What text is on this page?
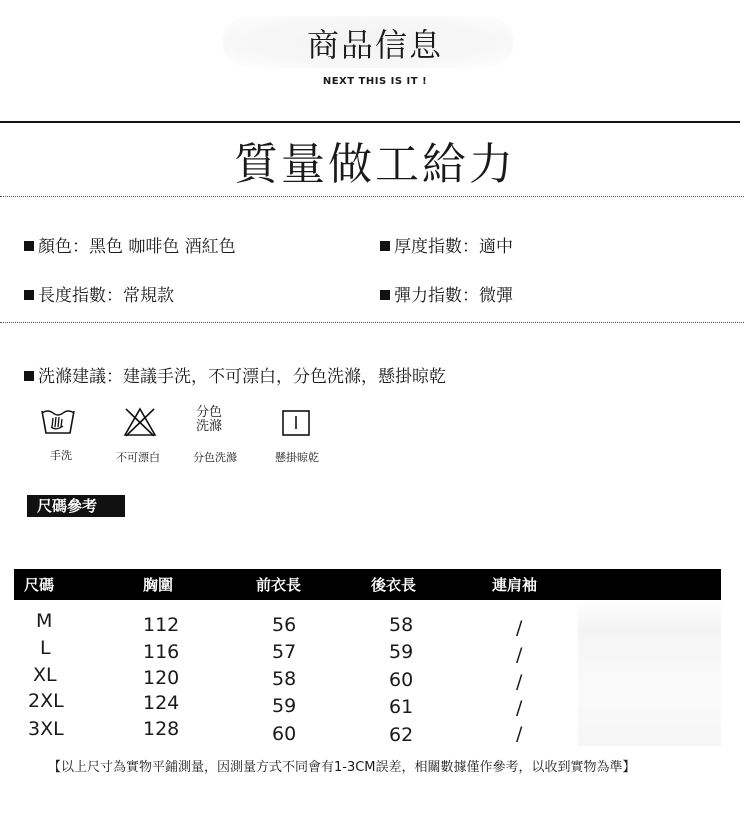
商品信息
NEXT THIS IS IT !
質量做工給力
顏色：黑色 咖啡色 酒紅色	厚度指數：適中
長度指數：常規款	彈力指數：微彈
洗滌建議：建議手洗，不可漂白，分色洗滌，懸掛晾乾
分色
洗滌
手洗	不可漂白	分色洗滌	懸掛晾乾
尺碼參考
尺碼	胸圍	前衣長	後衣長	連肩袖
M	112	56	58	/
L	116	57	59	/
XL	120	58	60	/
2XL	124	59	61	/
3XL	128	60	62	/
【以上尺寸為實物平鋪測量，因測量方式不同會有1-3CM誤差，相關數據僅作參考，以收到實物為準】
